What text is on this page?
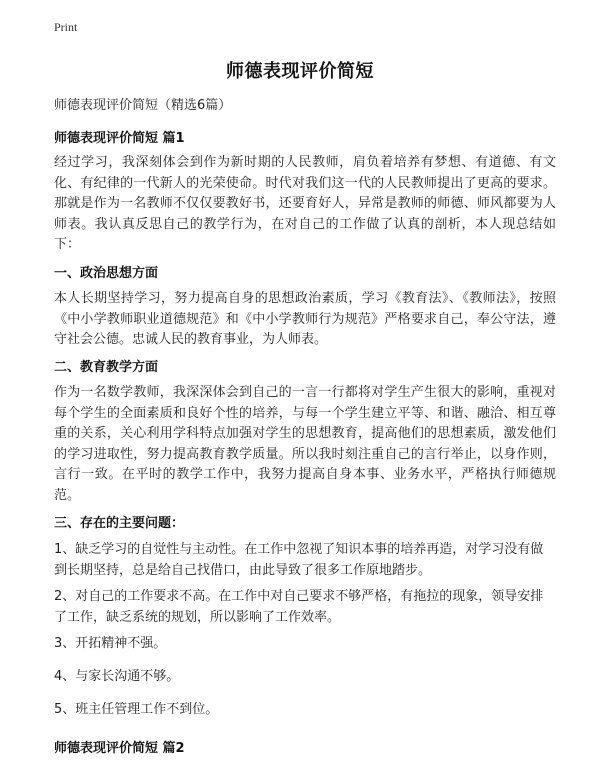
Print
师德表现评价简短
师德表现评价简短（精选6篇）
师德表现评价简短 篇1
经过学习，我深刻体会到作为新时期的人民教师，肩负着培养有梦想、有道德、有文化、有纪律的一代新人的光荣使命。时代对我们这一代的人民教师提出了更高的要求。那就是作为一名教师不仅仅要教好书，还要育好人，异常是教师的师德、师风都要为人师表。我认真反思自己的教学行为，在对自己的工作做了认真的剖析，本人现总结如下：
一、政治思想方面
本人长期坚持学习，努力提高自身的思想政治素质，学习《教育法》、《教师法》，按照《中小学教师职业道德规范》和《中小学教师行为规范》严格要求自己，奉公守法，遵守社会公德。忠诚人民的教育事业，为人师表。
二、教育教学方面
作为一名数学教师，我深深体会到自己的一言一行都将对学生产生很大的影响，重视对每个学生的全面素质和良好个性的培养，与每一个学生建立平等、和谐、融洽、相互尊重的关系，关心利用学科特点加强对学生的思想教育，提高他们的思想素质，激发他们的学习进取性，努力提高教育教学质量。所以我时刻注重自己的言行举止，以身作则，言行一致。在平时的教学工作中，我努力提高自身本事、业务水平，严格执行师德规范。
三、存在的主要问题：
1、缺乏学习的自觉性与主动性。在工作中忽视了知识本事的培养再造，对学习没有做到长期坚持，总是给自己找借口，由此导致了很多工作原地踏步。
2、对自己的工作要求不高。在工作中对自己要求不够严格，有拖拉的现象，领导安排了工作，缺乏系统的规划，所以影响了工作效率。
3、开拓精神不强。
4、与家长沟通不够。
5、班主任管理工作不到位。
师德表现评价简短 篇2
